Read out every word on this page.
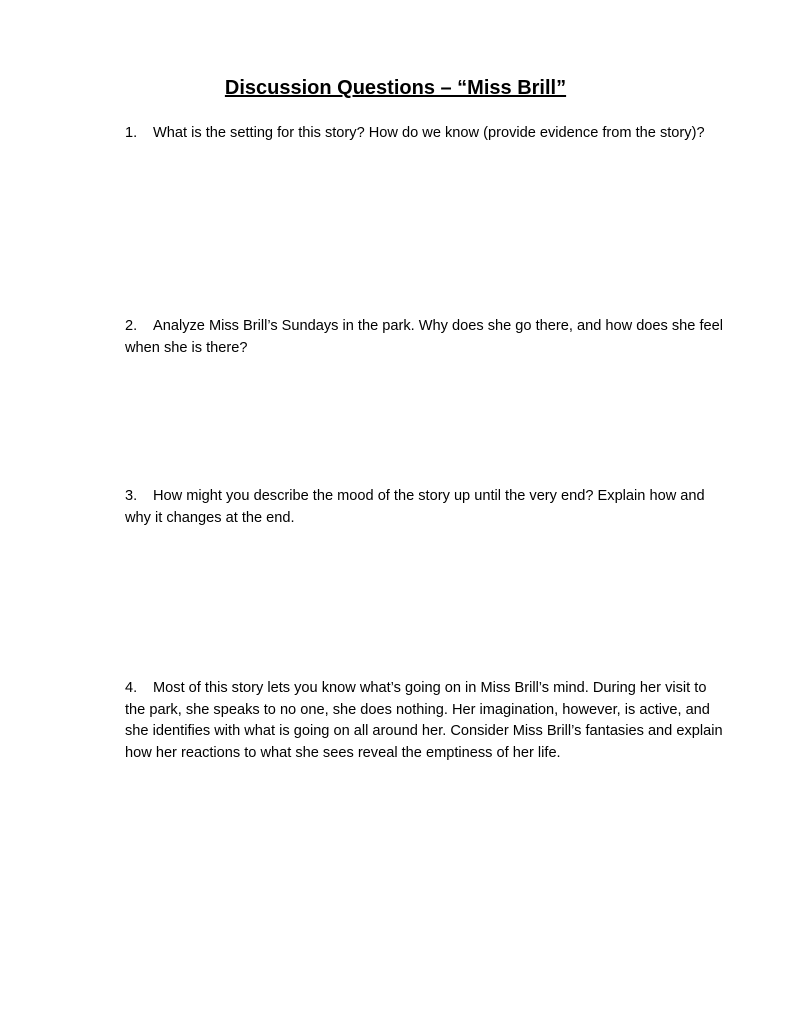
Discussion Questions – “Miss Brill”

1. What is the setting for this story? How do we know (provide evidence from the story)?

2. Analyze Miss Brill’s Sundays in the park. Why does she go there, and how does she feel when she is there?

3. How might you describe the mood of the story up until the very end? Explain how and why it changes at the end.

4. Most of this story lets you know what’s going on in Miss Brill’s mind. During her visit to the park, she speaks to no one, she does nothing. Her imagination, however, is active, and she identifies with what is going on all around her. Consider Miss Brill’s fantasies and explain how her reactions to what she sees reveal the emptiness of her life.
